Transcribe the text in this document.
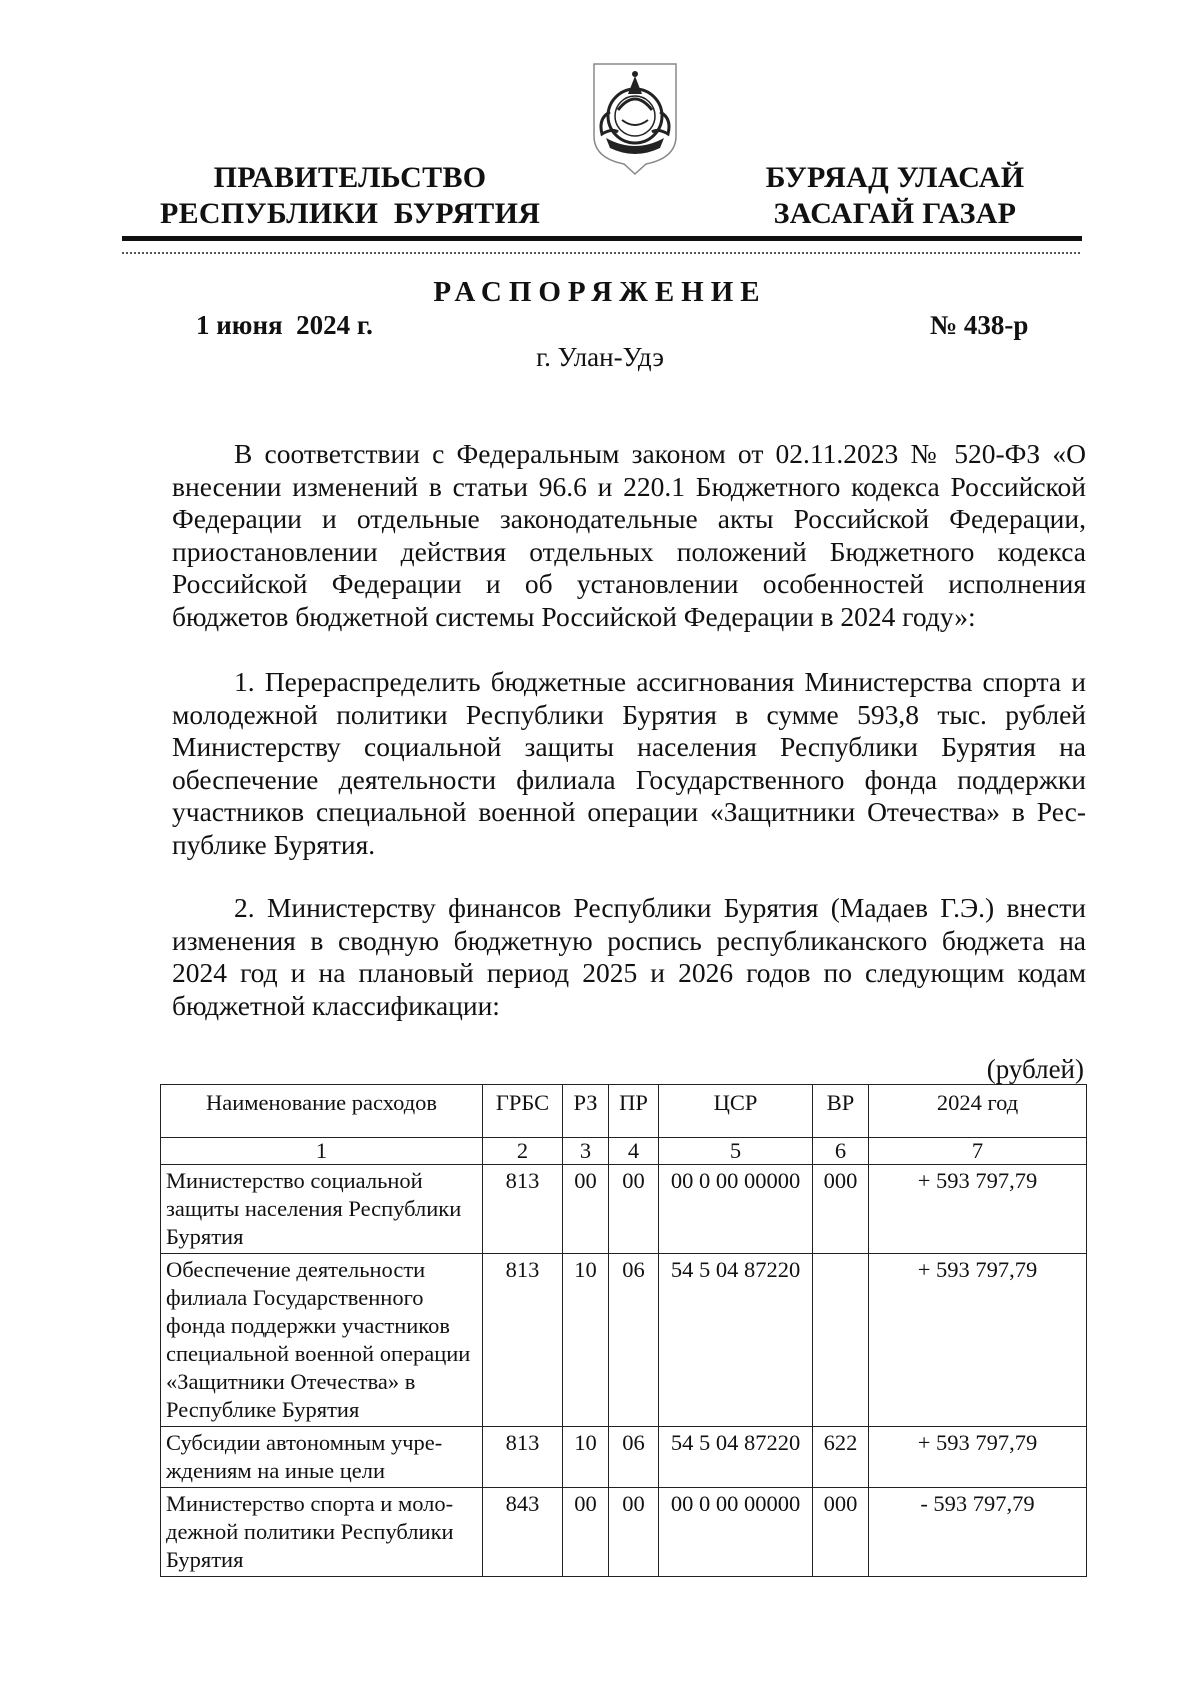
ПРАВИТЕЛЬСТВО
РЕСПУБЛИКИ  БУРЯТИЯ
БУРЯАД УЛАСАЙ
ЗАСАГАЙ ГАЗАР
РАСПОРЯЖЕНИЕ
1 июня  2024 г.	№ 438-р
г. Улан-Удэ

В соответствии с Федеральным законом от 02.11.2023 № 520-ФЗ «О внесении изменений в статьи 96.6 и 220.1 Бюджетного кодекса Российской Федерации и отдельные законодательные акты Российской Федерации, приостановлении действия отдельных положений Бюджетного кодекса Российской Федерации и об установлении особенностей исполнения бюджетов бюджетной системы Российской Федерации в 2024 году»:

1. Перераспределить бюджетные ассигнования Министерства спорта и молодежной политики Республики Бурятия в сумме 593,8 тыс. рублей Министерству социальной защиты населения Республики Бурятия на обеспечение деятельности филиала Государственного фонда поддержки участников специальной военной операции «Защитники Отечества» в Республике Бурятия.

2. Министерству финансов Республики Бурятия (Мадаев Г.Э.) внести изменения в сводную бюджетную роспись республиканского бюджета на 2024 год и на плановый период 2025 и 2026 годов по следующим кодам бюджетной классификации:

(рублей)
Наименование расходов	ГРБС	РЗ	ПР	ЦСР	ВР	2024 год
1	2	3	4	5	6	7
Министерство социальной защиты населения Республики Бурятия	813	00	00	00 0 00 00000	000	+ 593 797,79
Обеспечение деятельности филиала Государственного фонда поддержки участников специальной военной операции «Защитники Отечества» в Республике Бурятия	813	10	06	54 5 04 87220		+ 593 797,79
Субсидии автономным учреждениям на иные цели	813	10	06	54 5 04 87220	622	+ 593 797,79
Министерство спорта и молодежной политики Республики Бурятия	843	00	00	00 0 00 00000	000	- 593 797,79
